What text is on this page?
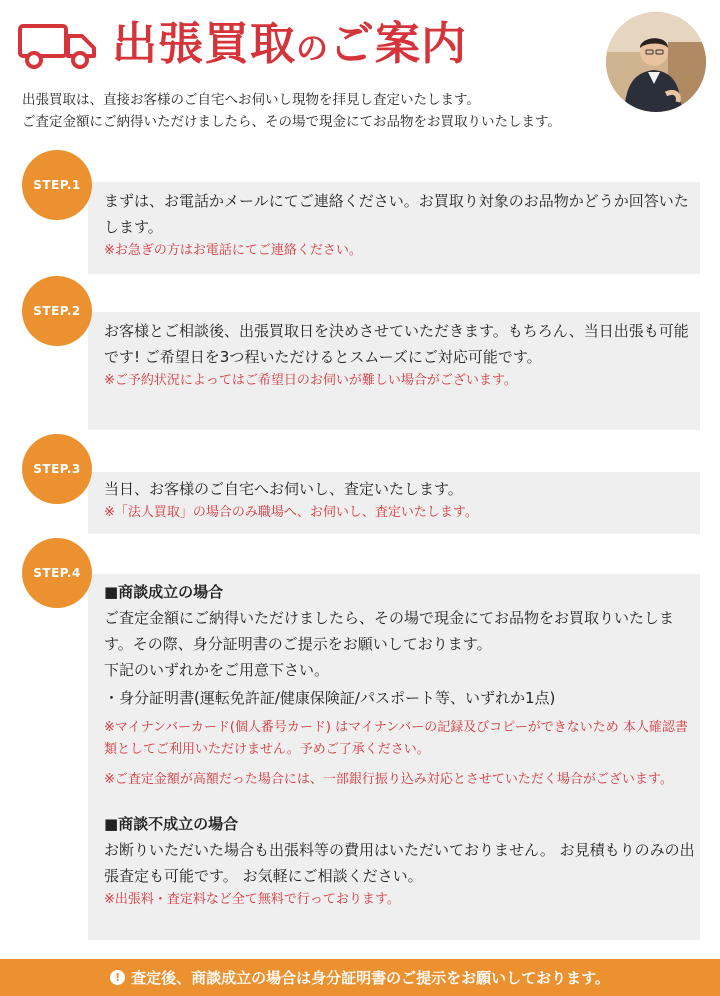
出張買取のご案内
出張買取は、直接お客様のご自宅へお伺いし現物を拝見し査定いたします。
ご査定金額にご納得いただけましたら、その場で現金にてお品物をお買取りいたします。
STEP.1
まずは、お電話かメールにてご連絡ください。お買取り対象のお品物かどうか回答いたします。
※お急ぎの方はお電話にてご連絡ください。
STEP.2
お客様とご相談後、出張買取日を決めさせていただきます。もちろん、当日出張も可能です! ご希望日を3つ程いただけるとスムーズにご対応可能です。
※ご予約状況によってはご希望日のお伺いが難しい場合がございます。
STEP.3
当日、お客様のご自宅へお伺いし、査定いたします。
※「法人買取」の場合のみ職場へ、お伺いし、査定いたします。
STEP.4
■商談成立の場合
ご査定金額にご納得いただけましたら、その場で現金にてお品物をお買取りいたします。その際、身分証明書のご提示をお願いしております。
下記のいずれかをご用意下さい。
・身分証明書(運転免許証/健康保険証/パスポート等、いずれか1点)
※マイナンバーカード(個人番号カード) はマイナンバーの記録及びコピーができないため 本人確認書類としてご利用いただけません。予めご了承ください。
※ご査定金額が高額だった場合には、一部銀行振り込み対応とさせていただく場合がございます。
■商談不成立の場合
お断りいただいた場合も出張料等の費用はいただいておりません。 お見積もりのみの出張査定も可能です。 お気軽にご相談ください。
※出張料・査定料など全て無料で行っております。
! 査定後、商談成立の場合は身分証明書のご提示をお願いしております。
